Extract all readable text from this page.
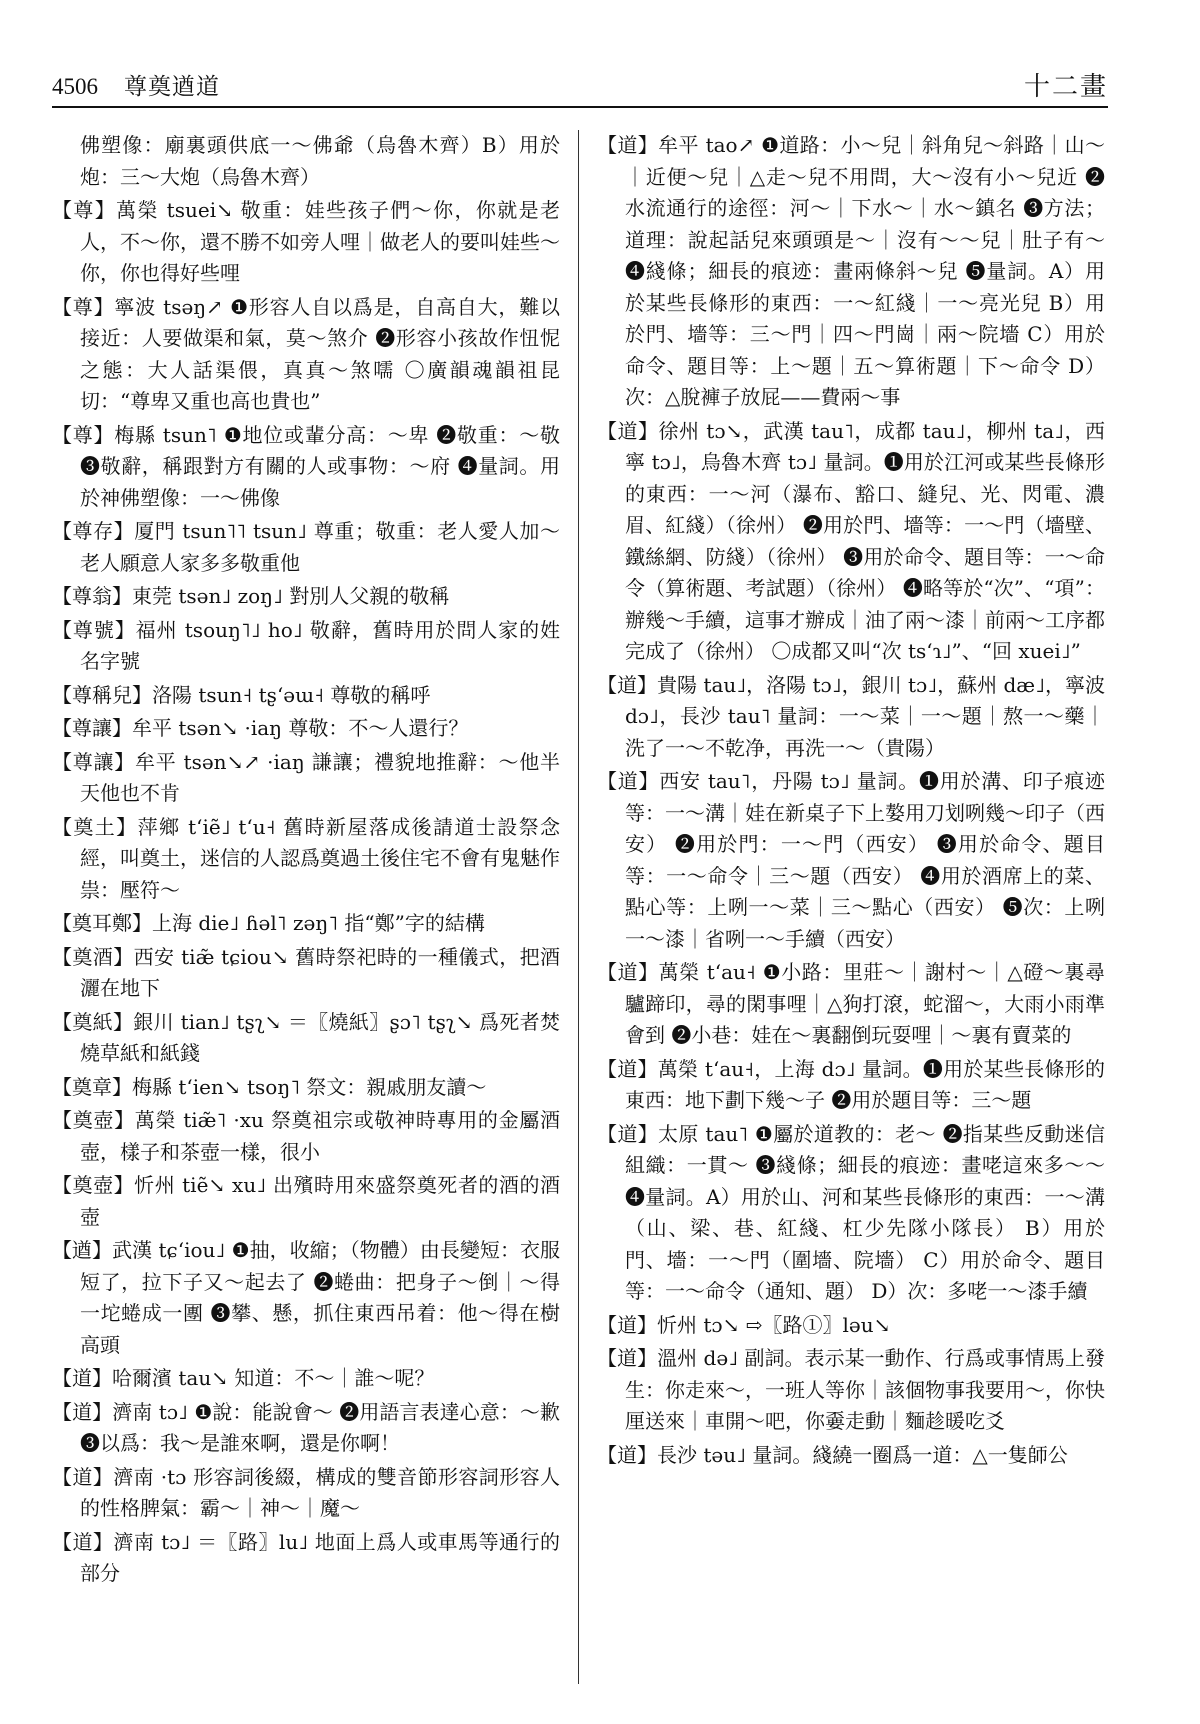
4506 尊奠遒道	十二畫

佛塑像：廟裏頭供底一～佛爺（烏魯木齊）B）用於炮：三～大炮（烏魯木齊）

【尊】萬榮 tsuei↘ 敬重：娃些孩子們～你，你就是老人，不～你，還不勝不如旁人哩｜做老人的要叫娃些～你，你也得好些哩

【尊】寧波 tsəŋ↗ ❶形容人自以爲是，自高自大，難以接近：人要做渠和氣，莫～煞介 ❷形容小孩故作忸怩之態：大人話渠偎，真真～煞嚅 〇廣韻魂韻祖昆切：“尊卑又重也高也貴也”

【尊】梅縣 tsun˥ ❶地位或輩分高：～卑 ❷敬重：～敬 ❸敬辭，稱跟對方有關的人或事物：～府 ❹量詞。用於神佛塑像：一～佛像

【尊存】厦門 tsun˥˥ tsun˩ 尊重；敬重：老人愛人加～老人願意人家多多敬重他

【尊翁】東莞 tsən˩ zoŋ˩ 對別人父親的敬稱

【尊號】福州 tsouŋ˥˩ ho˩ 敬辭，舊時用於問人家的姓名字號

【尊稱兒】洛陽 tsun˧ tʂʻəɯ˧ 尊敬的稱呼

【尊讓】牟平 tsən↘ ·iaŋ 尊敬：不～人還行？

【尊讓】牟平 tsən↘↗ ·iaŋ 謙讓；禮貌地推辭：～他半天他也不肯

【奠土】萍鄉 tʻiẽ˩ tʻu˧ 舊時新屋落成後請道士設祭念經，叫奠土，迷信的人認爲奠過土後住宅不會有鬼魅作祟：壓符～

【奠耳鄭】上海 die˩ ɦəl˥ zəŋ˥ 指“鄭”字的結構

【奠酒】西安 tiæ̃ tɕiou↘ 舊時祭祀時的一種儀式，把酒灑在地下

【奠紙】銀川 tian˩ tʂʅ↘ ＝〖燒紙〗ʂɔ˥ tʂʅ↘ 爲死者焚燒草紙和紙錢

【奠章】梅縣 tʻien↘ tsoŋ˥ 祭文：親戚朋友讀～

【奠壺】萬榮 tiæ̃˥ ·xu 祭奠祖宗或敬神時專用的金屬酒壺，樣子和茶壺一樣，很小

【奠壺】忻州 tiẽ↘ xu˩ 出殯時用來盛祭奠死者的酒的酒壺

【遒】武漢 tɕʻiou˩ ❶抽，收縮；（物體）由長變短：衣服短了，拉下子又～起去了 ❷蜷曲：把身子～倒｜～得一坨蜷成一團 ❸攀、懸，抓住東西吊着：他～得在樹高頭

【道】哈爾濱 tau↘ 知道：不～｜誰～呢？

【道】濟南 tɔ˩ ❶說：能說會～ ❷用語言表達心意：～歉 ❸以爲：我～是誰來啊，還是你啊！

【道】濟南 ·tɔ 形容詞後綴，構成的雙音節形容詞形容人的性格脾氣：霸～｜神～｜魔～

【道】濟南 tɔ˩ ＝〖路〗lu˩ 地面上爲人或車馬等通行的部分

【道】牟平 tao↗ ❶道路：小～兒｜斜角兒～斜路｜山～｜近便～兒｜△走～兒不用問，大～沒有小～兒近 ❷水流通行的途徑：河～｜下水～｜水～鎮名 ❸方法；道理：說起話兒來頭頭是～｜沒有～～兒｜肚子有～ ❹綫條；細長的痕迹：畫兩條斜～兒 ❺量詞。A）用於某些長條形的東西：一～紅綫｜一～亮光兒 B）用於門、墻等：三～門｜四～門崗｜兩～院墻 C）用於命令、題目等：上～題｜五～算術題｜下～命令 D）次：△脫褲子放屁——費兩～事

【道】徐州 tɔ↘，武漢 tau˥，成都 tau˩，柳州 ta˩，西寧 tɔ˩，烏魯木齊 tɔ˩ 量詞。❶用於江河或某些長條形的東西：一～河（瀑布、豁口、縫兒、光、閃電、濃眉、紅綫）（徐州） ❷用於門、墻等：一～門（墻壁、鐵絲網、防綫）（徐州） ❸用於命令、題目等：一～命令（算術題、考試題）（徐州） ❹略等於“次”、“項”：辦幾～手續，這事才辦成｜油了兩～漆｜前兩～工序都完成了（徐州） 〇成都又叫“次 tsʻɿ˩”、“回 xuei˩”

【道】貴陽 tau˩，洛陽 tɔ˩，銀川 tɔ˩，蘇州 dæ˩，寧波 dɔ˩，長沙 tau˥ 量詞：一～菜｜一～題｜熬一～藥｜洗了一～不乾净，再洗一～（貴陽）

【道】西安 tau˥，丹陽 tɔ˩ 量詞。❶用於溝、印子痕迹等：一～溝｜娃在新桌子下上嫯用刀划咧幾～印子（西安） ❷用於門：一～門（西安） ❸用於命令、題目等：一～命令｜三～題（西安） ❹用於酒席上的菜、點心等：上咧一～菜｜三～點心（西安） ❺次：上咧一～漆｜省咧一～手續（西安）

【道】萬榮 tʻau˧ ❶小路：里莊～｜謝村～｜△磴～裏尋驢蹄印，尋的閑事哩｜△狗打滾，蛇溜～，大雨小雨準會到 ❷小巷：娃在～裏翻倒玩耍哩｜～裏有賣菜的

【道】萬榮 tʻau˧，上海 dɔ˩ 量詞。❶用於某些長條形的東西：地下劃下幾～子 ❷用於題目等：三～題

【道】太原 tau˥ ❶屬於道教的：老～ ❷指某些反動迷信組織：一貫～ ❸綫條；細長的痕迹：畫咾這來多～～ ❹量詞。A）用於山、河和某些長條形的東西：一～溝（山、梁、巷、紅綫、杠少先隊小隊長） B）用於門、墻：一～門（圍墻、院墻） C）用於命令、題目等：一～命令（通知、題） D）次：多咾一～漆手續

【道】忻州 tɔ↘ ⇨〖路①〗ləu↘

【道】溫州 də˩ 副詞。表示某一動作、行爲或事情馬上發生：你走來～，一班人等你｜該個物事我要用～，你快厘送來｜車開～吧，你嫑走動｜麵趁暖吃爻

【道】長沙 təu˩ 量詞。綫繞一圈爲一道：△一隻師公
